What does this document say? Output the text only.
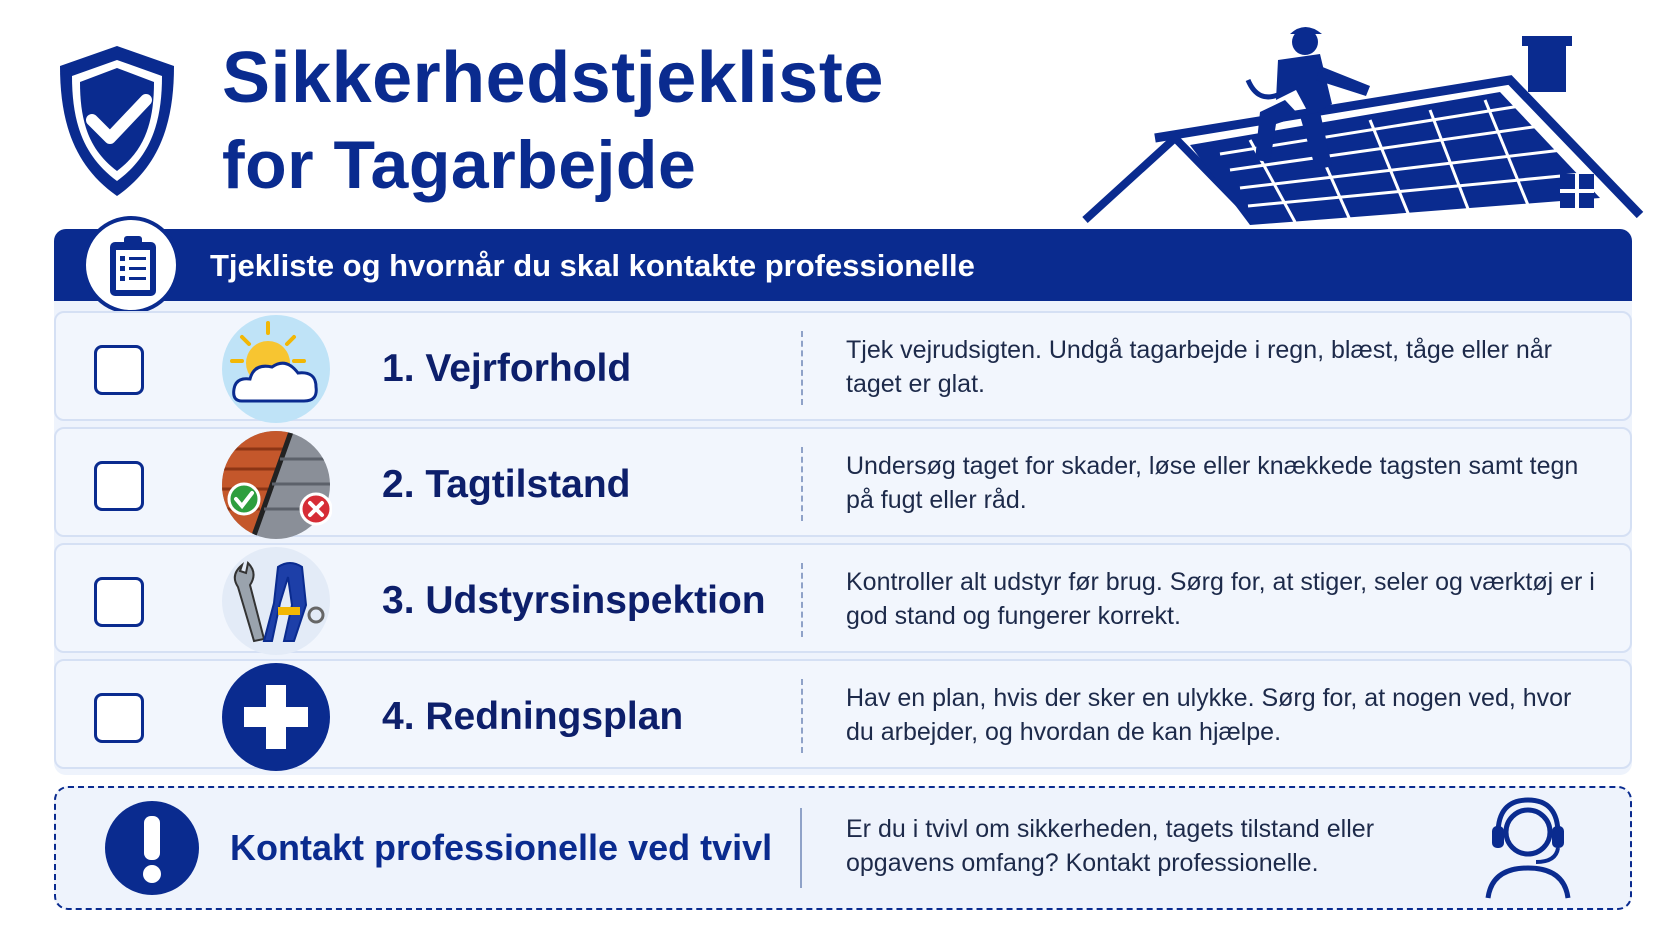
Sikkerhedstjekliste
for Tagarbejde
Tjekliste og hvornår du skal kontakte professionelle
1. Vejrforhold	Tjek vejrudsigten. Undgå tagarbejde i regn, blæst, tåge eller når taget er glat.
2. Tagtilstand	Undersøg taget for skader, løse eller knækkede tagsten samt tegn på fugt eller råd.
3. Udstyrsinspektion	Kontroller alt udstyr før brug. Sørg for, at stiger, seler og værktøj er i god stand og fungerer korrekt.
4. Redningsplan	Hav en plan, hvis der sker en ulykke. Sørg for, at nogen ved, hvor du arbejder, og hvordan de kan hjælpe.
Kontakt professionelle ved tvivl	Er du i tvivl om sikkerheden, tagets tilstand eller opgavens omfang? Kontakt professionelle.
